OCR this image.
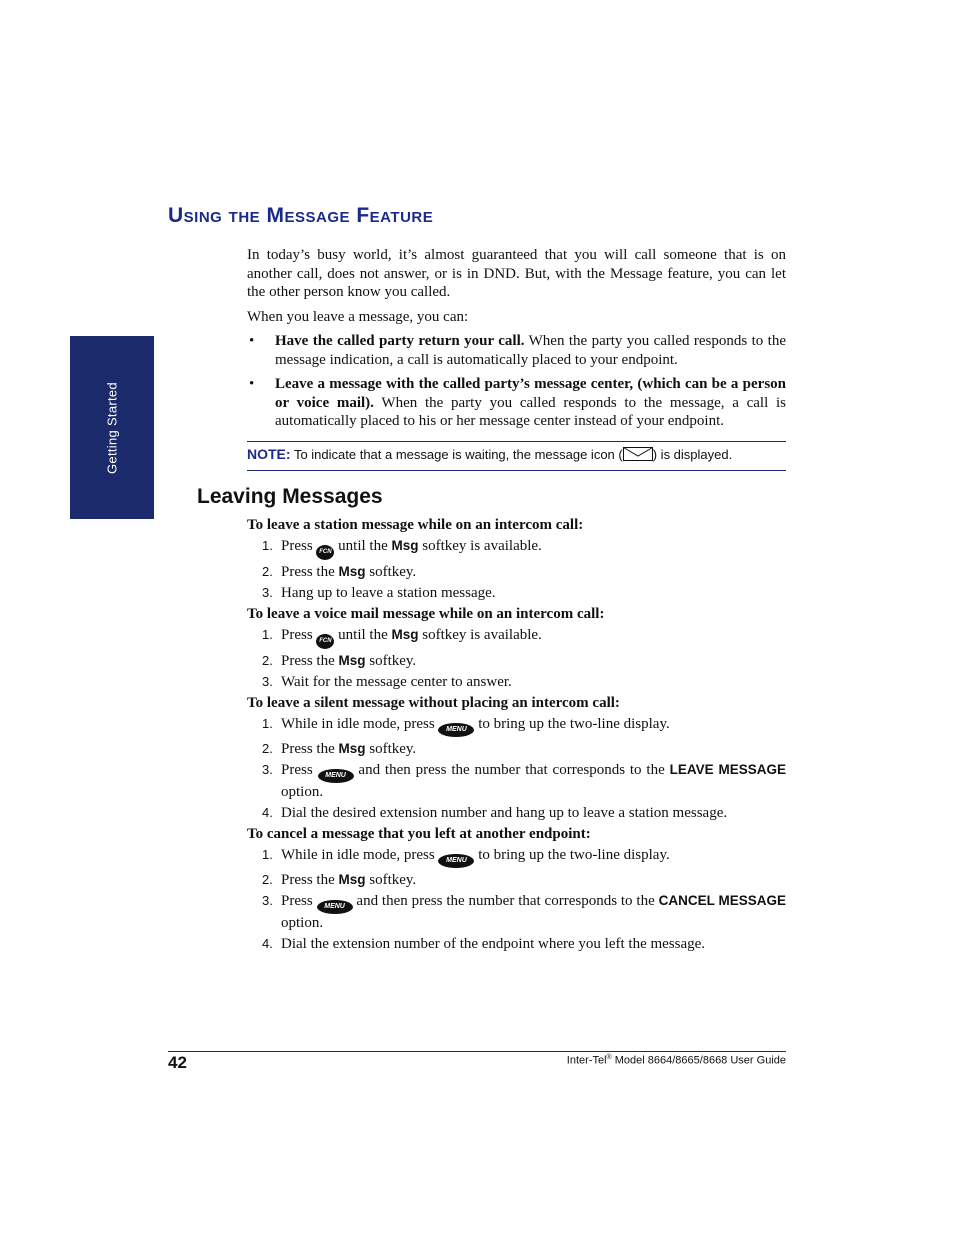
Getting Started
Using the Message Feature

In today’s busy world, it’s almost guaranteed that you will call someone that is on another call, does not answer, or is in DND. But, with the Message feature, you can let the other person know you called.

When you leave a message, you can:

• Have the called party return your call. When the party you called responds to the message indication, a call is automatically placed to your endpoint.
• Leave a message with the called party’s message center, (which can be a person or voice mail). When the party you called responds to the message, a call is automatically placed to his or her message center instead of your endpoint.
NOTE: To indicate that a message is waiting, the message icon ( ) is displayed.
Leaving Messages

To leave a station message while on an intercom call:

1. Press FCN until the Msg softkey is available.
2. Press the Msg softkey.
3. Hang up to leave a station message.

To leave a voice mail message while on an intercom call:

1. Press FCN until the Msg softkey is available.
2. Press the Msg softkey.
3. Wait for the message center to answer.

To leave a silent message without placing an intercom call:

1. While in idle mode, press MENU to bring up the two-line display.
2. Press the Msg softkey.
3. Press MENU and then press the number that corresponds to the LEAVE MESSAGE option.
4. Dial the desired extension number and hang up to leave a station message.

To cancel a message that you left at another endpoint:

1. While in idle mode, press MENU to bring up the two-line display.
2. Press the Msg softkey.
3. Press MENU and then press the number that corresponds to the CANCEL MESSAGE option.
4. Dial the extension number of the endpoint where you left the message.
42	Inter-Tel® Model 8664/8665/8668 User Guide
